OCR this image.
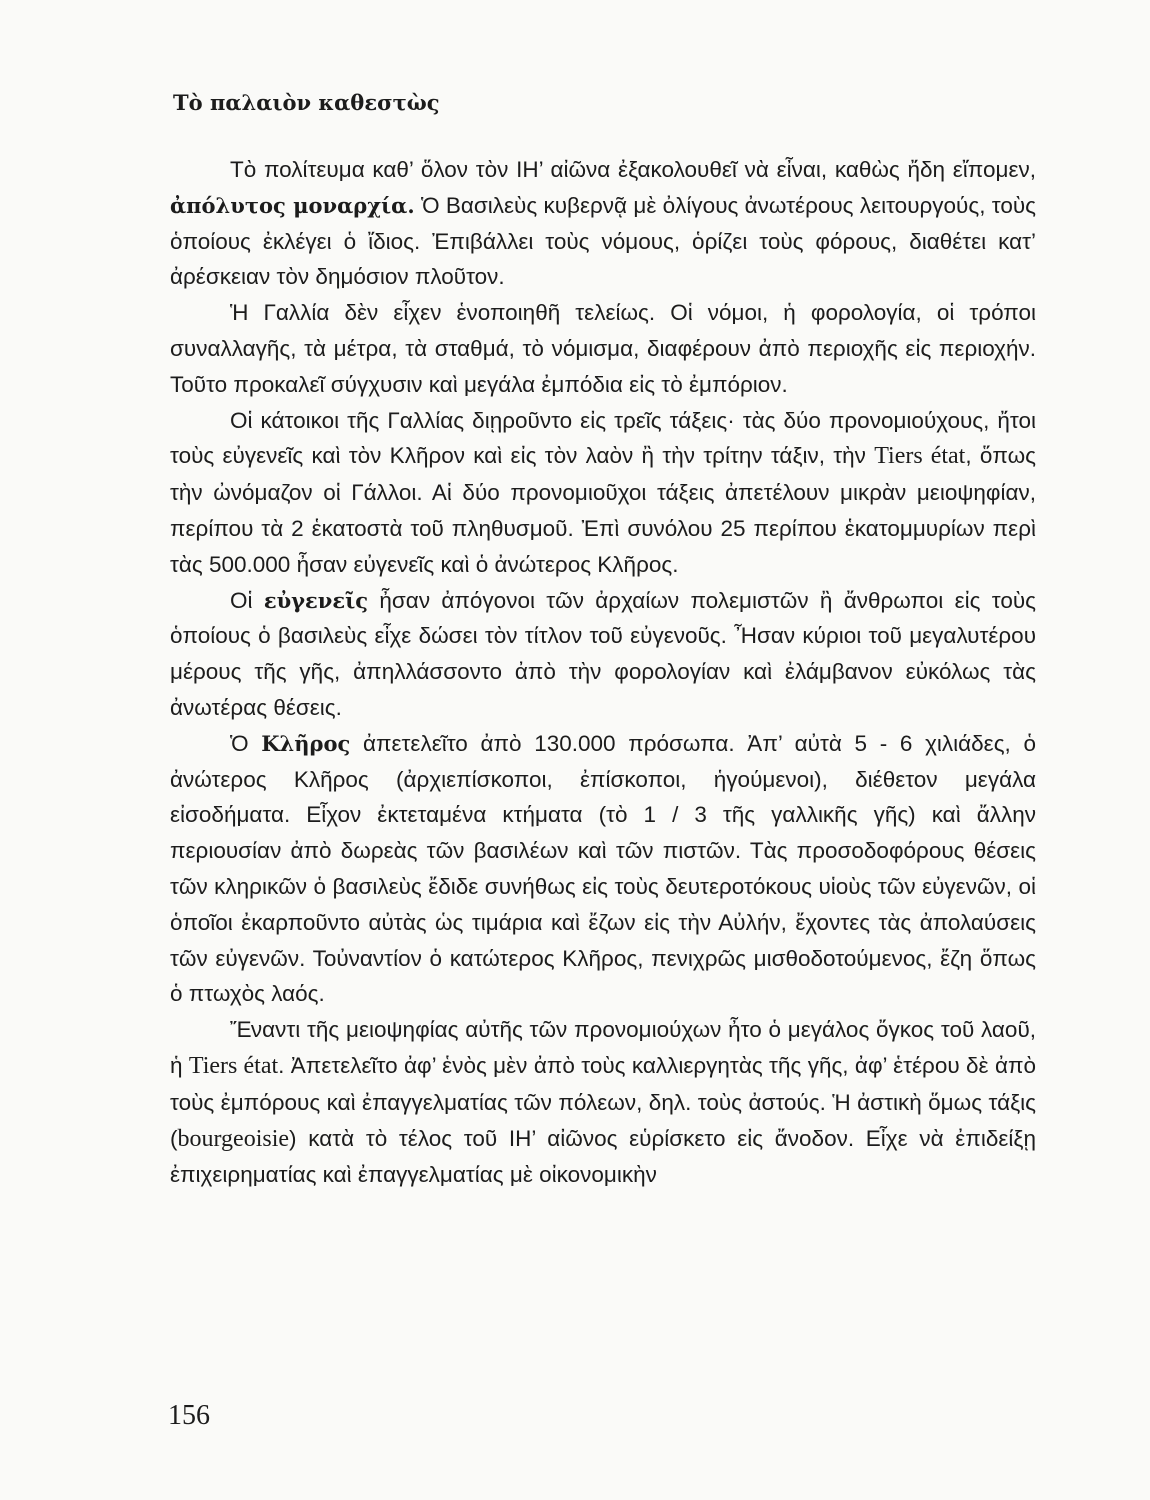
Τὸ παλαιὸν καθεστὼς

Τὸ πολίτευμα καθ’ ὅλον τὸν ΙΗ’ αἰῶνα ἐξακολουθεῖ νὰ εἶναι, καθὼς ἤδη εἴπομεν, ἀπόλυτος μοναρχία. Ὁ Βασιλεὺς κυβερνᾷ μὲ ὀλίγους ἀνωτέρους λειτουργούς, τοὺς ὁποίους ἐκλέγει ὁ ἴδιος. Ἐπιβάλλει τοὺς νόμους, ὁρίζει τοὺς φόρους, διαθέτει κατ’ ἀρέσκειαν τὸν δημόσιον πλοῦτον.

Ἡ Γαλλία δὲν εἶχεν ἑνοποιηθῆ τελείως. Οἱ νόμοι, ἡ φορολογία, οἱ τρόποι συναλλαγῆς, τὰ μέτρα, τὰ σταθμά, τὸ νόμισμα, διαφέρουν ἀπὸ περιοχῆς εἰς περιοχήν. Τοῦτο προκαλεῖ σύγχυσιν καὶ μεγάλα ἐμπόδια εἰς τὸ ἐμπόριον.

Οἱ κάτοικοι τῆς Γαλλίας διῃροῦντο εἰς τρεῖς τάξεις· τὰς δύο προνομιούχους, ἤτοι τοὺς εὐγενεῖς καὶ τὸν Κλῆρον καὶ εἰς τὸν λαὸν ἢ τὴν τρίτην τάξιν, τὴν Tiers état, ὅπως τὴν ὠνόμαζον οἱ Γάλλοι. Αἱ δύο προνομιοῦχοι τάξεις ἀπετέλουν μικρὰν μειοψηφίαν, περίπου τὰ 2 ἑκατοστὰ τοῦ πληθυσμοῦ. Ἐπὶ συνόλου 25 περίπου ἑκατομμυρίων περὶ τὰς 500.000 ἦσαν εὐγενεῖς καὶ ὁ ἀνώτερος Κλῆρος.

Οἱ εὐγενεῖς ἦσαν ἀπόγονοι τῶν ἀρχαίων πολεμιστῶν ἢ ἄνθρωποι εἰς τοὺς ὁποίους ὁ βασιλεὺς εἶχε δώσει τὸν τίτλον τοῦ εὐγενοῦς. Ἦσαν κύριοι τοῦ μεγαλυτέρου μέρους τῆς γῆς, ἀπηλλάσσοντο ἀπὸ τὴν φορολογίαν καὶ ἐλάμβανον εὐκόλως τὰς ἀνωτέρας θέσεις.

Ὁ Κλῆρος ἀπετελεῖτο ἀπὸ 130.000 πρόσωπα. Ἀπ’ αὐτὰ 5 - 6 χιλιάδες, ὁ ἀνώτερος Κλῆρος (ἀρχιεπίσκοποι, ἐπίσκοποι, ἡγούμενοι), διέθετον μεγάλα εἰσοδήματα. Εἶχον ἐκτεταμένα κτήματα (τὸ 1 / 3 τῆς γαλλικῆς γῆς) καὶ ἄλλην περιουσίαν ἀπὸ δωρεὰς τῶν βασιλέων καὶ τῶν πιστῶν. Τὰς προσοδοφόρους θέσεις τῶν κληρικῶν ὁ βασιλεὺς ἔδιδε συνήθως εἰς τοὺς δευτεροτόκους υἱοὺς τῶν εὐγενῶν, οἱ ὁποῖοι ἐκαρποῦντο αὐτὰς ὡς τιμάρια καὶ ἔζων εἰς τὴν Αὐλήν, ἔχοντες τὰς ἀπολαύσεις τῶν εὐγενῶν. Τοὐναντίον ὁ κατώτερος Κλῆρος, πενιχρῶς μισθοδοτούμενος, ἔζη ὅπως ὁ πτωχὸς λαός.

Ἔναντι τῆς μειοψηφίας αὐτῆς τῶν προνομιούχων ἦτο ὁ μεγάλος ὄγκος τοῦ λαοῦ, ἡ Tiers état. Ἀπετελεῖτο ἀφ’ ἑνὸς μὲν ἀπὸ τοὺς καλλιεργητὰς τῆς γῆς, ἀφ’ ἑτέρου δὲ ἀπὸ τοὺς ἐμπόρους καὶ ἐπαγγελματίας τῶν πόλεων, δηλ. τοὺς ἀστούς. Ἡ ἀστικὴ ὅμως τάξις (bourgeoisie) κατὰ τὸ τέλος τοῦ ΙΗ’ αἰῶνος εὑρίσκετο εἰς ἄνοδον. Εἶχε νὰ ἐπιδείξῃ ἐπιχειρηματίας καὶ ἐπαγγελματίας μὲ οἰκονομικὴν

156
